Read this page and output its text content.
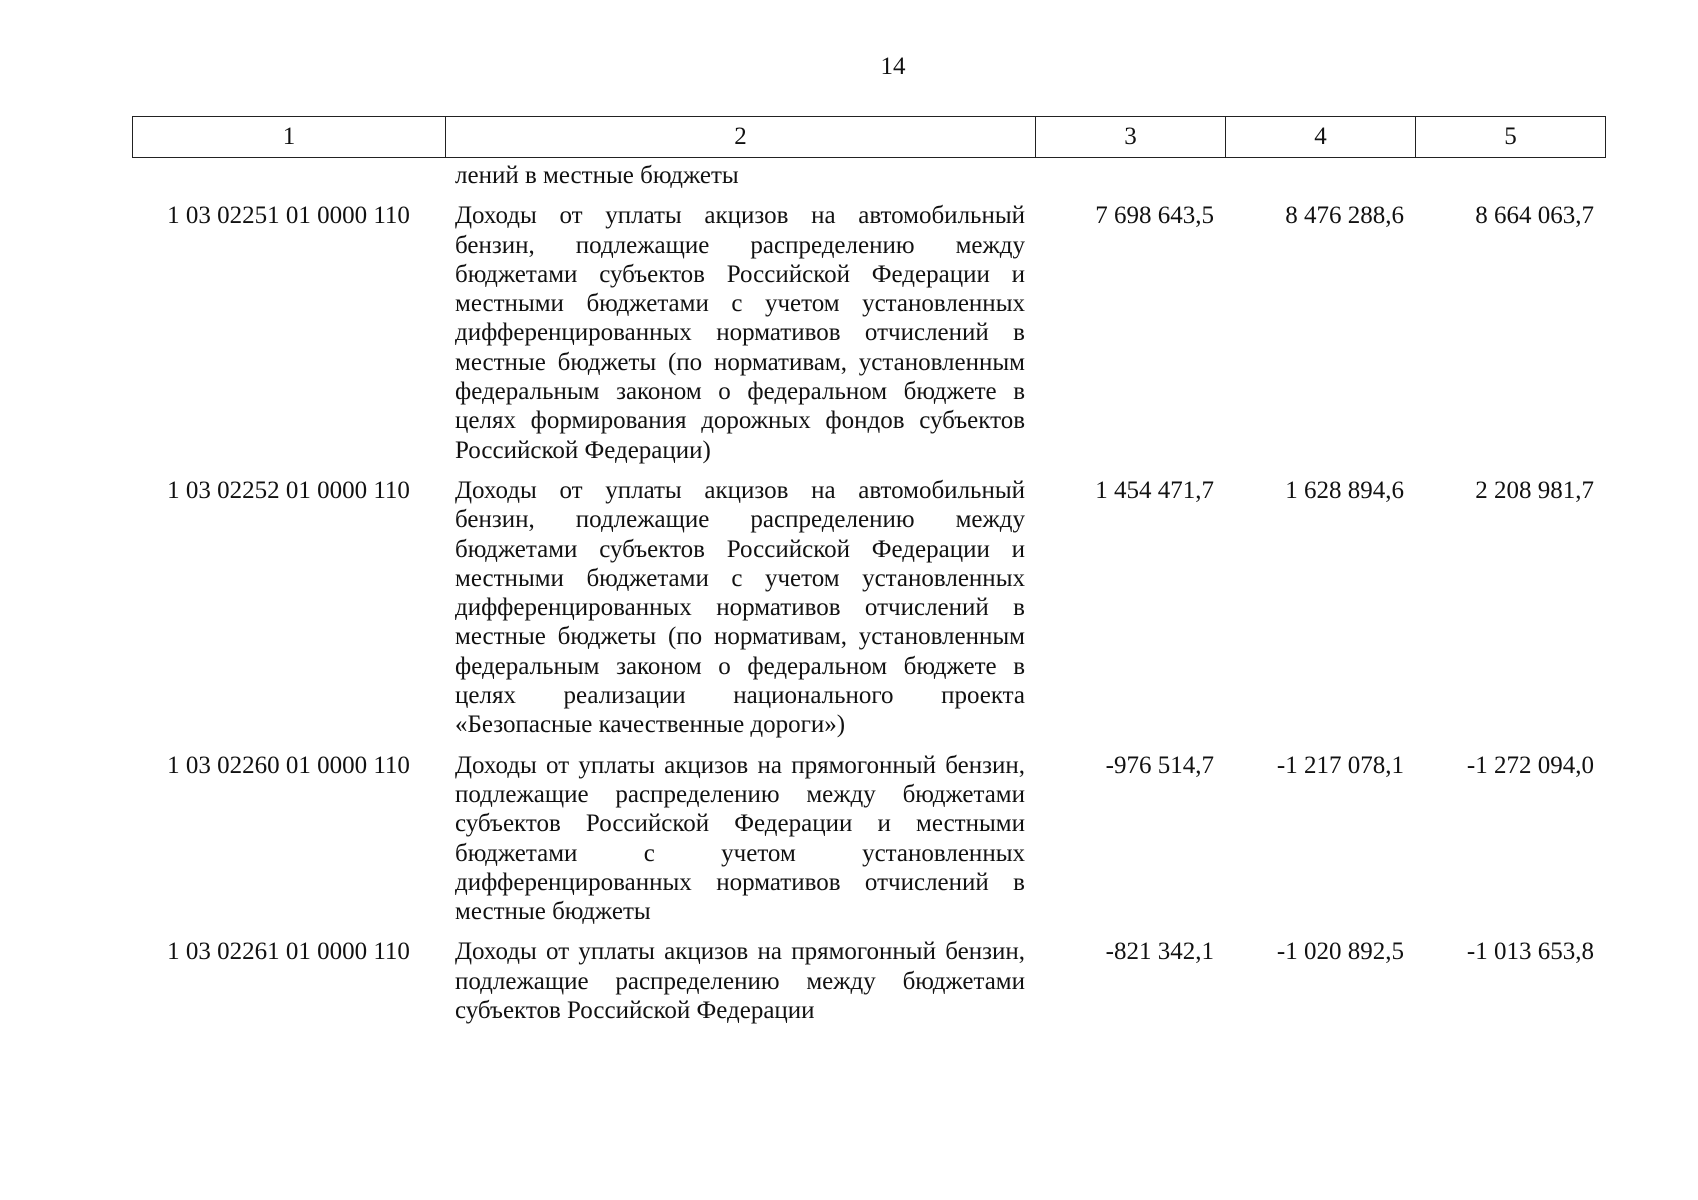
14
1	2	3	4	5
	лений в местные бюджеты			
1 03 02251 01 0000 110	Доходы от уплаты акцизов на автомобильный бензин, подлежащие распределению между бюджетами субъектов Российской Федерации и местными бюджетами с учетом установленных дифференцированных нормативов отчислений в местные бюджеты (по нормативам, установленным федеральным законом о федеральном бюджете в целях формирования дорожных фондов субъектов Российской Федерации)	7 698 643,5	8 476 288,6	8 664 063,7
1 03 02252 01 0000 110	Доходы от уплаты акцизов на автомобильный бензин, подлежащие распределению между бюджетами субъектов Российской Федерации и местными бюджетами с учетом установленных дифференцированных нормативов отчислений в местные бюджеты (по нормативам, установленным федеральным законом о федеральном бюджете в целях реализации национального проекта «Безопасные качественные дороги»)	1 454 471,7	1 628 894,6	2 208 981,7
1 03 02260 01 0000 110	Доходы от уплаты акцизов на прямогонный бензин, подлежащие распределению между бюджетами субъектов Российской Федерации и местными бюджетами с учетом установленных дифференцированных нормативов отчислений в местные бюджеты	-976 514,7	-1 217 078,1	-1 272 094,0
1 03 02261 01 0000 110	Доходы от уплаты акцизов на прямогонный бензин, подлежащие распределению между бюджетами субъектов Российской Федерации	-821 342,1	-1 020 892,5	-1 013 653,8
